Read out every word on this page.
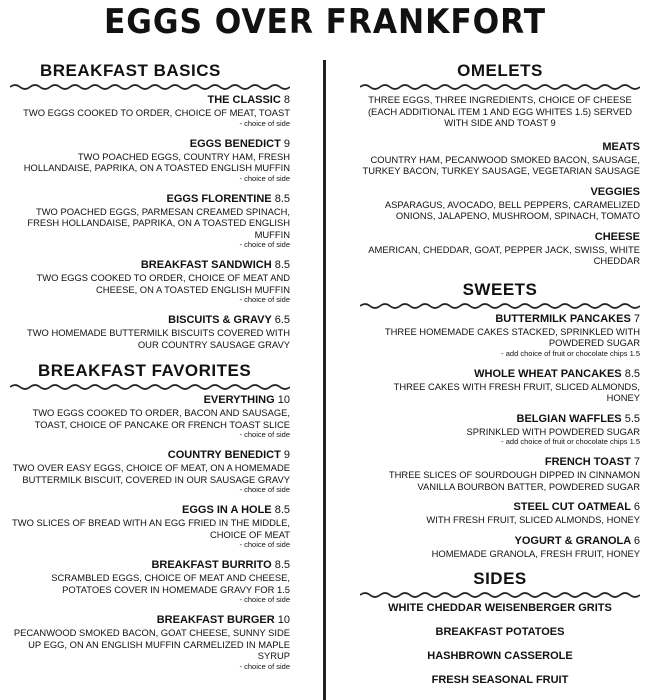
EGGS OVER FRANKFORT
BREAKFAST BASICS
THE CLASSIC 8
TWO EGGS COOKED TO ORDER, CHOICE OF MEAT, TOAST
- choice of side
EGGS BENEDICT 9
TWO POACHED EGGS, COUNTRY HAM, FRESH HOLLANDAISE, PAPRIKA, ON A TOASTED ENGLISH MUFFIN
- choice of side
EGGS FLORENTINE 8.5
TWO POACHED EGGS, PARMESAN CREAMED SPINACH, FRESH HOLLANDAISE, PAPRIKA, ON A TOASTED ENGLISH MUFFIN
- choice of side
BREAKFAST SANDWICH 8.5
TWO EGGS COOKED TO ORDER, CHOICE OF MEAT AND CHEESE, ON A TOASTED ENGLISH MUFFIN
- choice of side
BISCUITS & GRAVY 6.5
TWO HOMEMADE BUTTERMILK BISCUITS COVERED WITH OUR COUNTRY SAUSAGE GRAVY
BREAKFAST FAVORITES
EVERYTHING 10
TWO EGGS COOKED TO ORDER, BACON AND SAUSAGE, TOAST, CHOICE OF PANCAKE OR FRENCH TOAST SLICE
- choice of side
COUNTRY BENEDICT 9
TWO OVER EASY EGGS, CHOICE OF MEAT, ON A HOMEMADE BUTTERMILK BISCUIT, COVERED IN OUR SAUSAGE GRAVY
- choice of side
EGGS IN A HOLE 8.5
TWO SLICES OF BREAD WITH AN EGG FRIED IN THE MIDDLE, CHOICE OF MEAT
- choice of side
BREAKFAST BURRITO 8.5
SCRAMBLED EGGS, CHOICE OF MEAT AND CHEESE, POTATOES COVER IN HOMEMADE GRAVY FOR 1.5
- choice of side
BREAKFAST BURGER 10
PECANWOOD SMOKED BACON, GOAT CHEESE, SUNNY SIDE UP EGG, ON AN ENGLISH MUFFIN CARMELIZED IN MAPLE SYRUP
- choice of side
OMELETS
THREE EGGS, THREE INGREDIENTS, CHOICE OF CHEESE (EACH ADDITIONAL ITEM 1 AND EGG WHITES 1.5) SERVED WITH SIDE AND TOAST 9
MEATS
COUNTRY HAM, PECANWOOD SMOKED BACON, SAUSAGE, TURKEY BACON, TURKEY SAUSAGE, VEGETARIAN SAUSAGE
VEGGIES
ASPARAGUS, AVOCADO, BELL PEPPERS, CARAMELIZED ONIONS, JALAPENO, MUSHROOM, SPINACH, TOMATO
CHEESE
AMERICAN, CHEDDAR, GOAT, PEPPER JACK, SWISS, WHITE CHEDDAR
SWEETS
BUTTERMILK PANCAKES 7
THREE HOMEMADE CAKES STACKED, SPRINKLED WITH POWDERED SUGAR
- add choice of fruit or chocolate chips 1.5
WHOLE WHEAT PANCAKES 8.5
THREE CAKES WITH FRESH FRUIT, SLICED ALMONDS, HONEY
BELGIAN WAFFLES 5.5
SPRINKLED WITH POWDERED SUGAR
- add choice of fruit or chocolate chips 1.5
FRENCH TOAST 7
THREE SLICES OF SOURDOUGH DIPPED IN CINNAMON VANILLA BOURBON BATTER, POWDERED SUGAR
STEEL CUT OATMEAL 6
WITH FRESH FRUIT, SLICED ALMONDS, HONEY
YOGURT & GRANOLA 6
HOMEMADE GRANOLA, FRESH FRUIT, HONEY
SIDES
WHITE CHEDDAR WEISENBERGER GRITS
BREAKFAST POTATOES
HASHBROWN CASSEROLE
FRESH SEASONAL FRUIT
